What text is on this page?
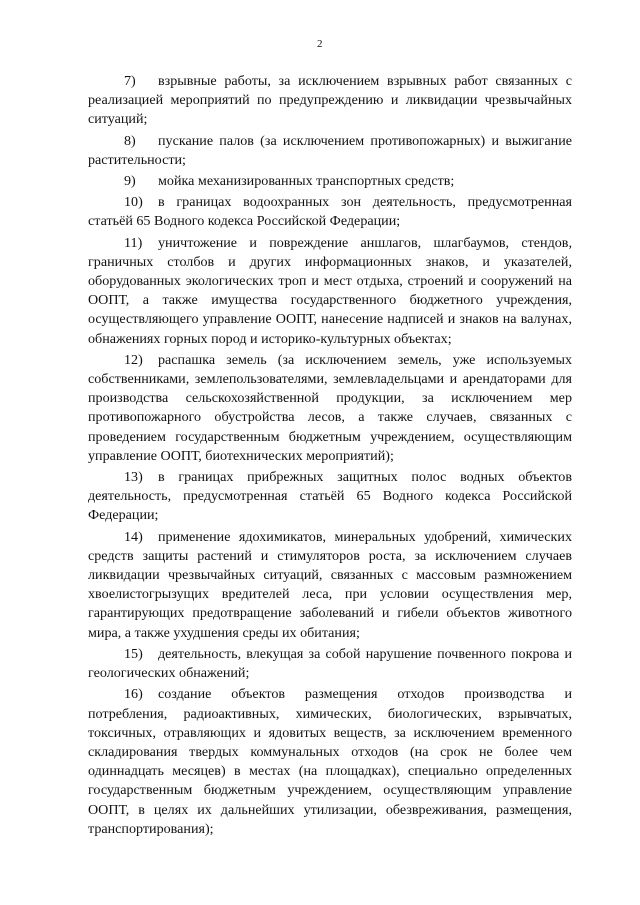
2

7) взрывные работы, за исключением взрывных работ связанных с реализацией мероприятий по предупреждению и ликвидации чрезвычайных ситуаций;

8) пускание палов (за исключением противопожарных) и выжигание растительности;

9) мойка механизированных транспортных средств;

10) в границах водоохранных зон деятельность, предусмотренная статьёй 65 Водного кодекса Российской Федерации;

11) уничтожение и повреждение аншлагов, шлагбаумов, стендов, граничных столбов и других информационных знаков, и указателей, оборудованных экологических троп и мест отдыха, строений и сооружений на ООПТ, а также имущества государственного бюджетного учреждения, осуществляющего управление ООПТ, нанесение надписей и знаков на валунах, обнажениях горных пород и историко-культурных объектах;

12) распашка земель (за исключением земель, уже используемых собственниками, землепользователями, землевладельцами и арендаторами для производства сельскохозяйственной продукции, за исключением мер противопожарного обустройства лесов, а также случаев, связанных с проведением государственным бюджетным учреждением, осуществляющим управление ООПТ, биотехнических мероприятий);

13) в границах прибрежных защитных полос водных объектов деятельность, предусмотренная статьёй 65 Водного кодекса Российской Федерации;

14) применение ядохимикатов, минеральных удобрений, химических средств защиты растений и стимуляторов роста, за исключением случаев ликвидации чрезвычайных ситуаций, связанных с массовым размножением хвоелистогрызущих вредителей леса, при условии осуществления мер, гарантирующих предотвращение заболеваний и гибели объектов животного мира, а также ухудшения среды их обитания;

15) деятельность, влекущая за собой нарушение почвенного покрова и геологических обнажений;

16) создание объектов размещения отходов производства и потребления, радиоактивных, химических, биологических, взрывчатых, токсичных, отравляющих и ядовитых веществ, за исключением временного складирования твердых коммунальных отходов (на срок не более чем одиннадцать месяцев) в местах (на площадках), специально определенных государственным бюджетным учреждением, осуществляющим управление ООПТ, в целях их дальнейших утилизации, обезвреживания, размещения, транспортирования);
